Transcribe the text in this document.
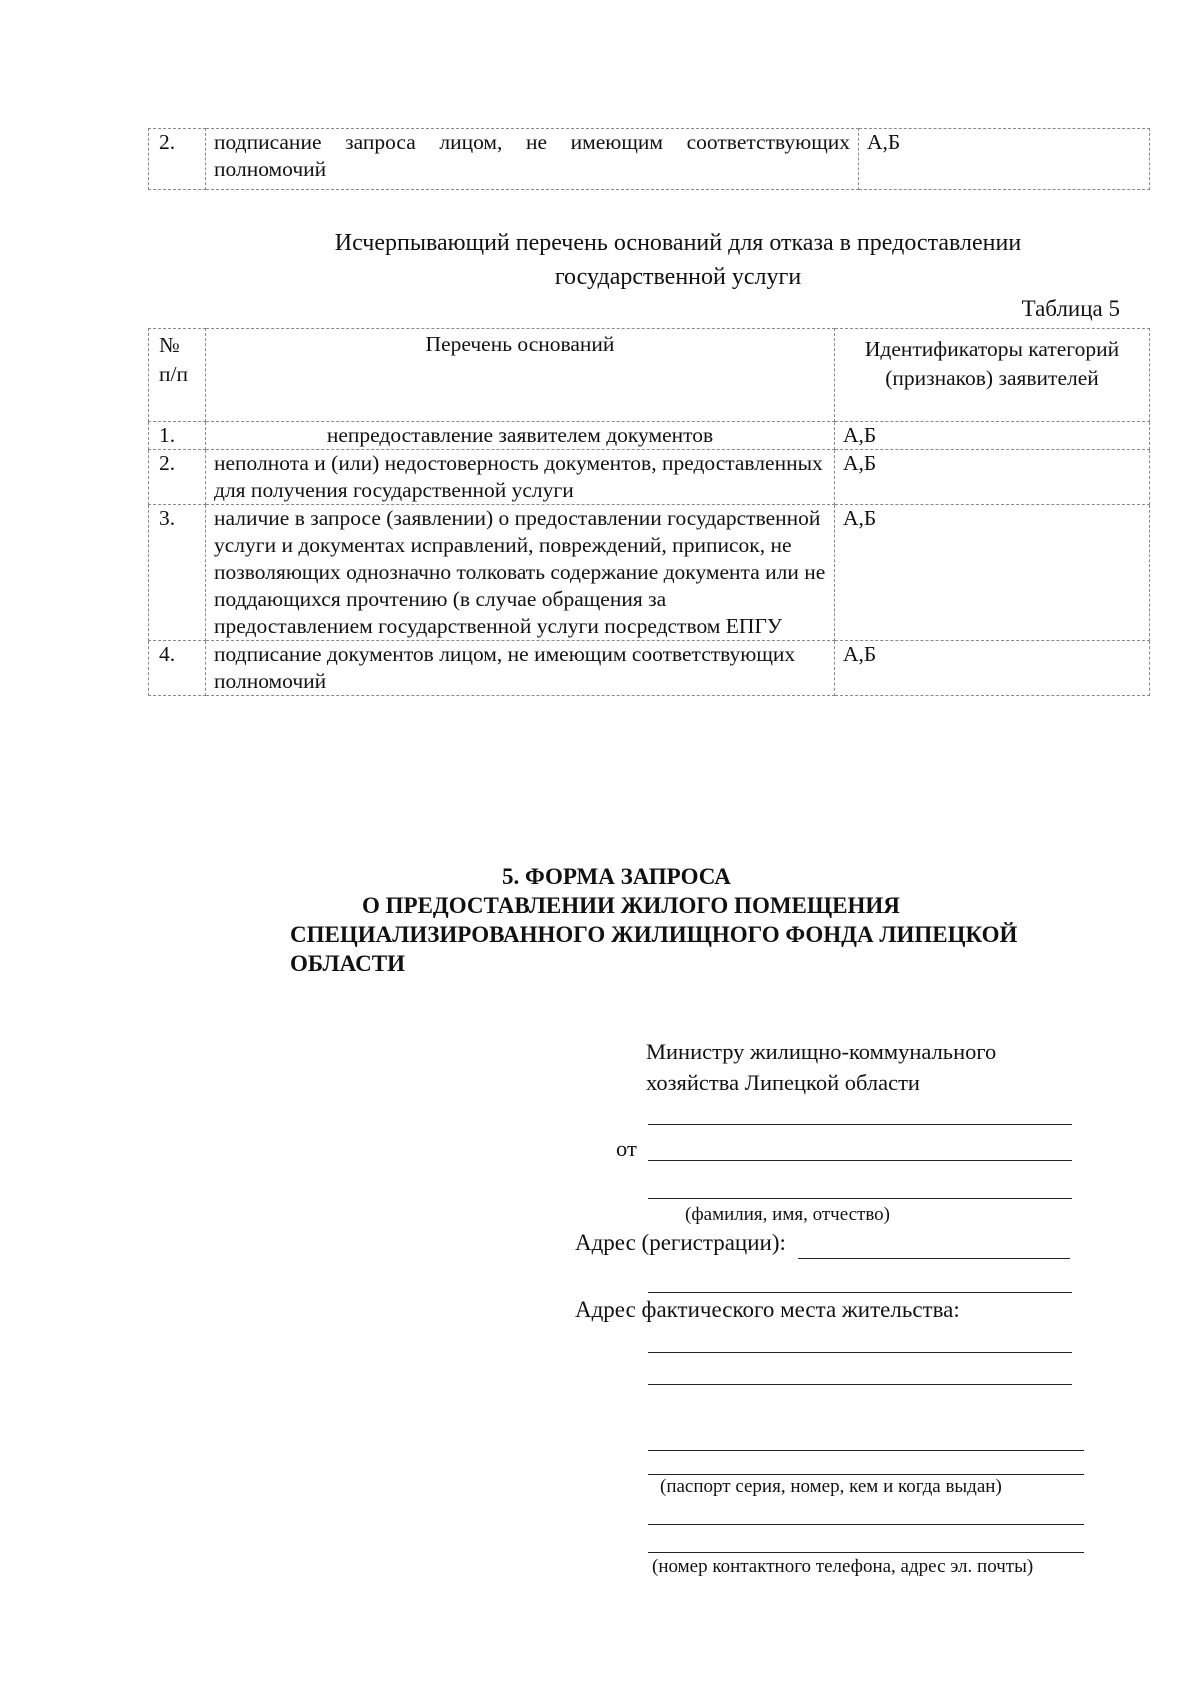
2.	подписание запроса лицом, не имеющим соответствующих полномочий	А,Б
Исчерпывающий перечень оснований для отказа в предоставлении
государственной услуги
Таблица 5
№ п/п	Перечень оснований	Идентификаторы категорий (признаков) заявителей
1.	непредоставление заявителем документов	А,Б
2.	неполнота и (или) недостоверность документов, предоставленных для получения государственной услуги	А,Б
3.	наличие в запросе (заявлении) о предоставлении государственной услуги и документах исправлений, повреждений, приписок, не позволяющих однозначно толковать содержание документа или не поддающихся прочтению (в случае обращения за предоставлением государственной услуги посредством ЕПГУ	А,Б
4.	подписание документов лицом, не имеющим соответствующих полномочий	А,Б
5. ФОРМА ЗАПРОСА
О ПРЕДОСТАВЛЕНИИ ЖИЛОГО ПОМЕЩЕНИЯ
СПЕЦИАЛИЗИРОВАННОГО ЖИЛИЩНОГО ФОНДА ЛИПЕЦКОЙ
ОБЛАСТИ
Министру жилищно-коммунального
хозяйства Липецкой области
от
(фамилия, имя, отчество)
Адрес (регистрации):
Адрес фактического места жительства:
(паспорт серия, номер, кем и когда выдан)
(номер контактного телефона, адрес эл. почты)
